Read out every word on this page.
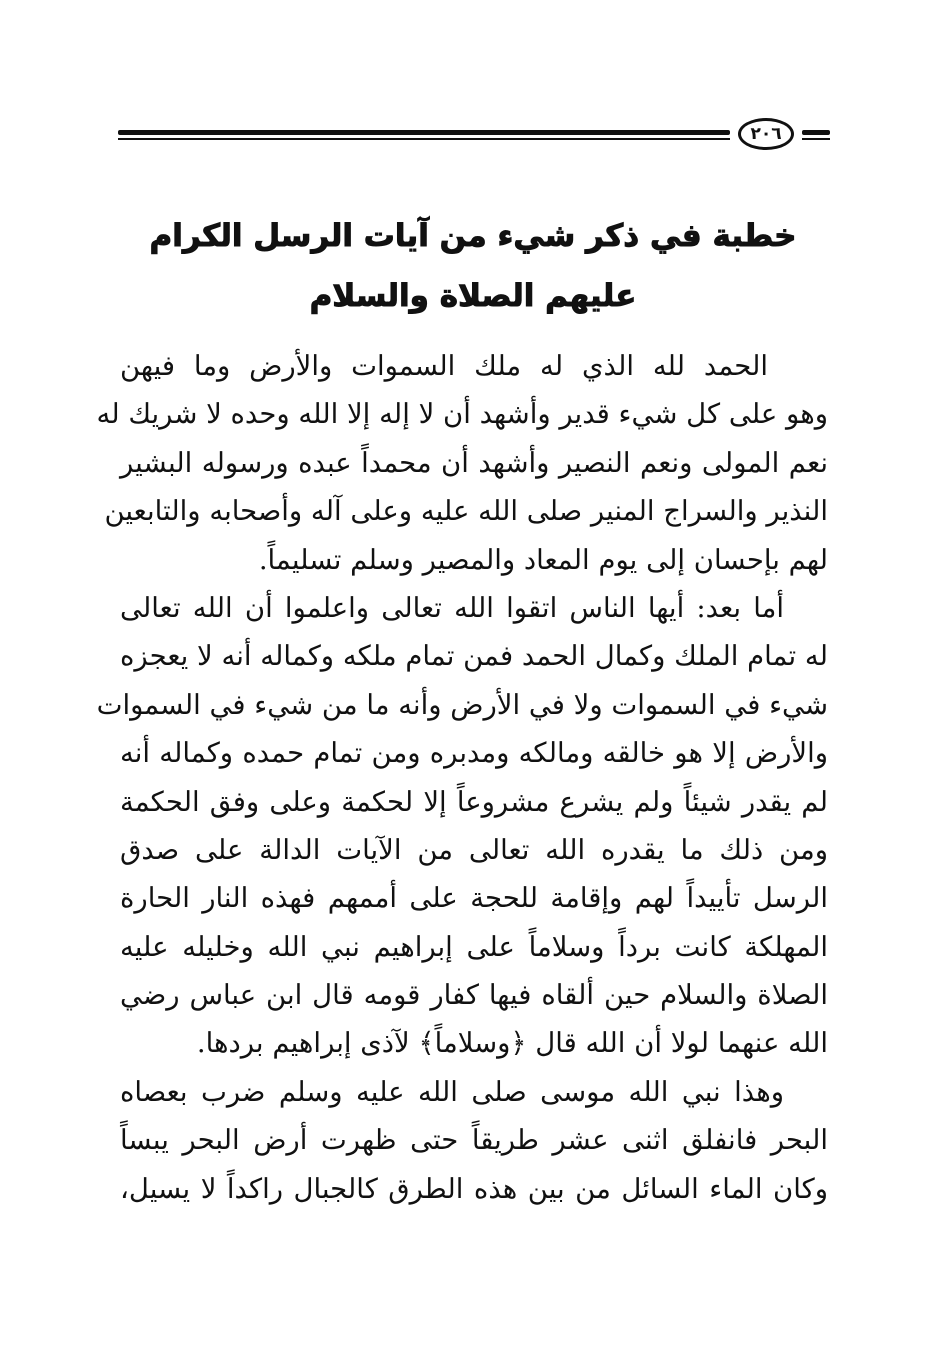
٢٠٦
خطبة في ذكر شيء من آيات الرسل الكرام
عليهم الصلاة والسلام
الحمد لله الذي له ملك السموات والأرض وما فيهن
وهو على كل شيء قدير وأشهد أن لا إله إلا الله وحده لا شريك له
نعم المولى ونعم النصير وأشهد أن محمداً عبده ورسوله البشير
النذير والسراج المنير صلى الله عليه وعلى آله وأصحابه والتابعين
لهم بإحسان إلى يوم المعاد والمصير وسلم تسليماً.
أما بعد: أيها الناس اتقوا الله تعالى واعلموا أن الله تعالى
له تمام الملك وكمال الحمد فمن تمام ملكه وكماله أنه لا يعجزه
شيء في السموات ولا في الأرض وأنه ما من شيء في السموات
والأرض إلا هو خالقه ومالكه ومدبره ومن تمام حمده وكماله أنه
لم يقدر شيئاً ولم يشرع مشروعاً إلا لحكمة وعلى وفق الحكمة
ومن ذلك ما يقدره الله تعالى من الآيات الدالة على صدق
الرسل تأييداً لهم وإقامة للحجة على أممهم فهذه النار الحارة
المهلكة كانت برداً وسلاماً على إبراهيم نبي الله وخليله عليه
الصلاة والسلام حين ألقاه فيها كفار قومه قال ابن عباس رضي
الله عنهما لولا أن الله قال ﴿وسلاماً﴾ لآذى إبراهيم بردها.
وهذا نبي الله موسى صلى الله عليه وسلم ضرب بعصاه
البحر فانفلق اثنى عشر طريقاً حتى ظهرت أرض البحر يبساً
وكان الماء السائل من بين هذه الطرق كالجبال راكداً لا يسيل،
